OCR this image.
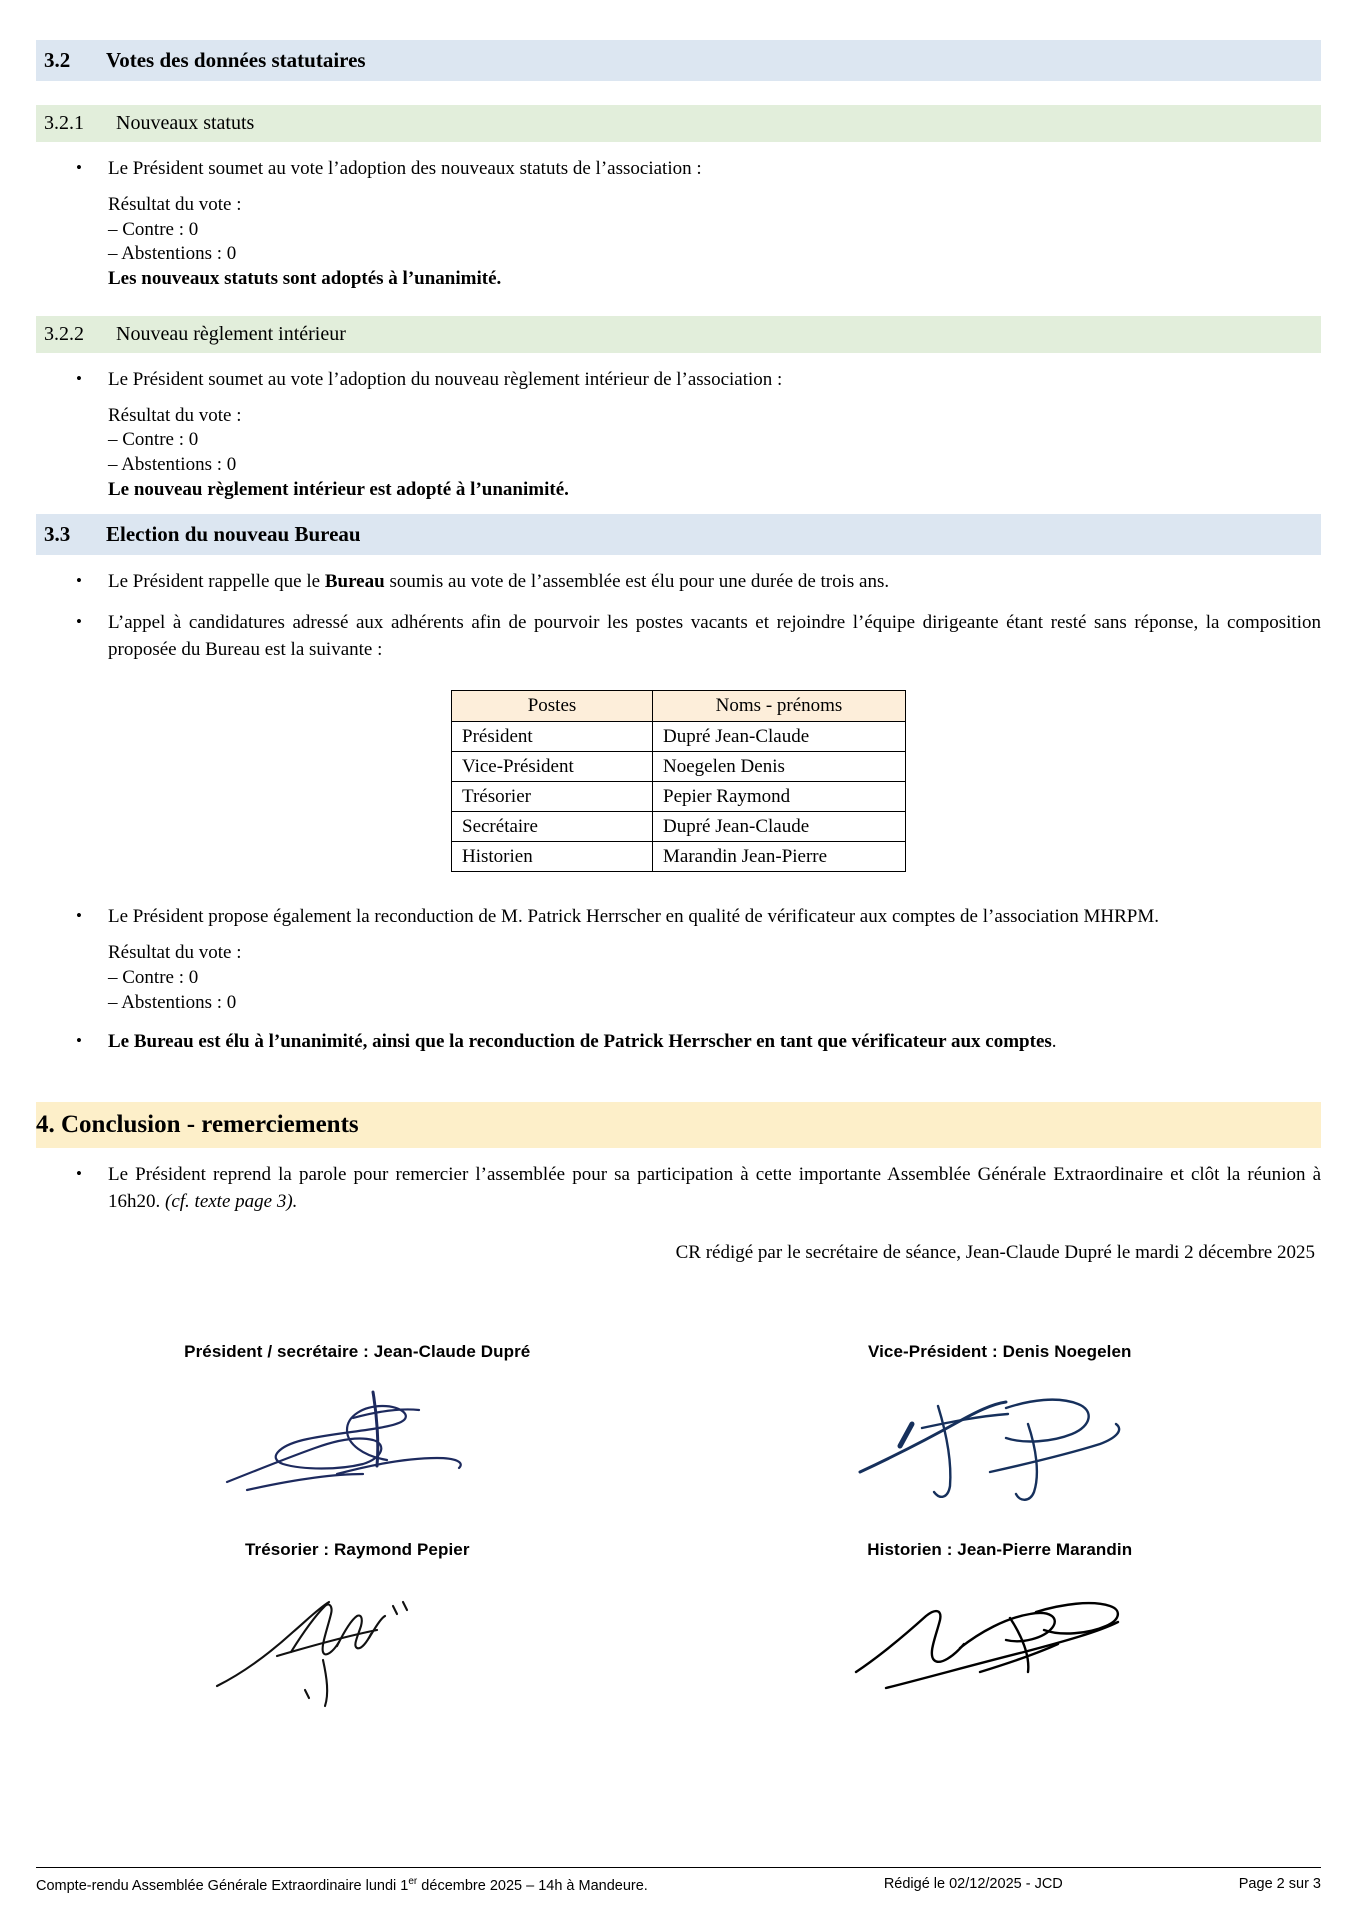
3.2	Votes des données statutaires
3.2.1	Nouveaux statuts
• Le Président soumet au vote l’adoption des nouveaux statuts de l’association :
Résultat du vote :
– Contre : 0
– Abstentions : 0
Les nouveaux statuts sont adoptés à l’unanimité.
3.2.2	Nouveau règlement intérieur
• Le Président soumet au vote l’adoption du nouveau règlement intérieur de l’association :
Résultat du vote :
– Contre : 0
– Abstentions : 0
Le nouveau règlement intérieur est adopté à l’unanimité.
3.3	Election du nouveau Bureau
• Le Président rappelle que le Bureau soumis au vote de l’assemblée est élu pour une durée de trois ans.
• L’appel à candidatures adressé aux adhérents afin de pourvoir les postes vacants et rejoindre l’équipe dirigeante étant resté sans réponse, la composition proposée du Bureau est la suivante :
Postes	Noms - prénoms
Président	Dupré Jean-Claude
Vice-Président	Noegelen Denis
Trésorier	Pepier Raymond
Secrétaire	Dupré Jean-Claude
Historien	Marandin Jean-Pierre
• Le Président propose également la reconduction de M. Patrick Herrscher en qualité de vérificateur aux comptes de l’association MHRPM.
Résultat du vote :
– Contre : 0
– Abstentions : 0
• Le Bureau est élu à l’unanimité, ainsi que la reconduction de Patrick Herrscher en tant que vérificateur aux comptes.
4. Conclusion - remerciements
• Le Président reprend la parole pour remercier l’assemblée pour sa participation à cette importante Assemblée Générale Extraordinaire et clôt la réunion à 16h20. (cf. texte page 3).
CR rédigé par le secrétaire de séance, Jean-Claude Dupré le mardi 2 décembre 2025
Président / secrétaire : Jean-Claude Dupré	Vice-Président : Denis Noegelen
Trésorier : Raymond Pepier	Historien : Jean-Pierre Marandin
Compte-rendu Assemblée Générale Extraordinaire lundi 1er décembre 2025 – 14h à Mandeure.	Rédigé le 02/12/2025 - JCD	Page 2 sur 3
